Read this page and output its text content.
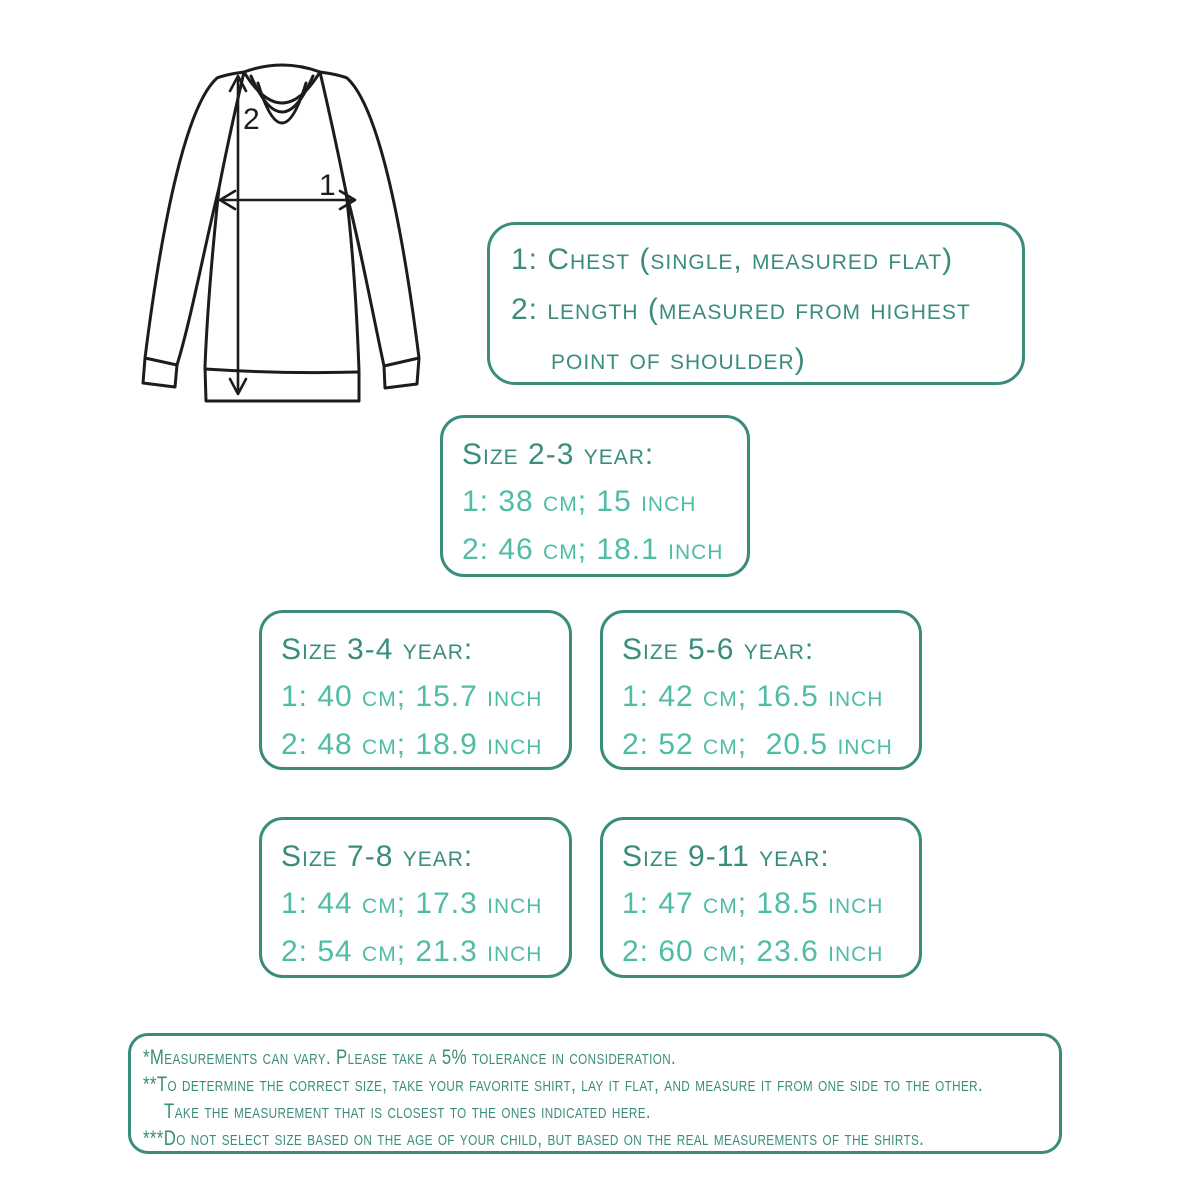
2
1
1: Chest (single, measured flat)
2: length (measured from highest
point of shoulder)
Size 2-3 year:
1: 38 cm; 15 inch
2: 46 cm; 18.1 inch
Size 3-4 year:
1: 40 cm; 15.7 inch
2: 48 cm; 18.9 inch
Size 5-6 year:
1: 42 cm; 16.5 inch
2: 52 cm;  20.5 inch
Size 7-8 year:
1: 44 cm; 17.3 inch
2: 54 cm; 21.3 inch
Size 9-11 year:
1: 47 cm; 18.5 inch
2: 60 cm; 23.6 inch
*Measurements can vary. Please take a 5% tolerance in consideration.
**To determine the correct size, take your favorite shirt, lay it flat, and measure it from one side to the other.
Take the measurement that is closest to the ones indicated here.
***Do not select size based on the age of your child, but based on the real measurements of the shirts.
